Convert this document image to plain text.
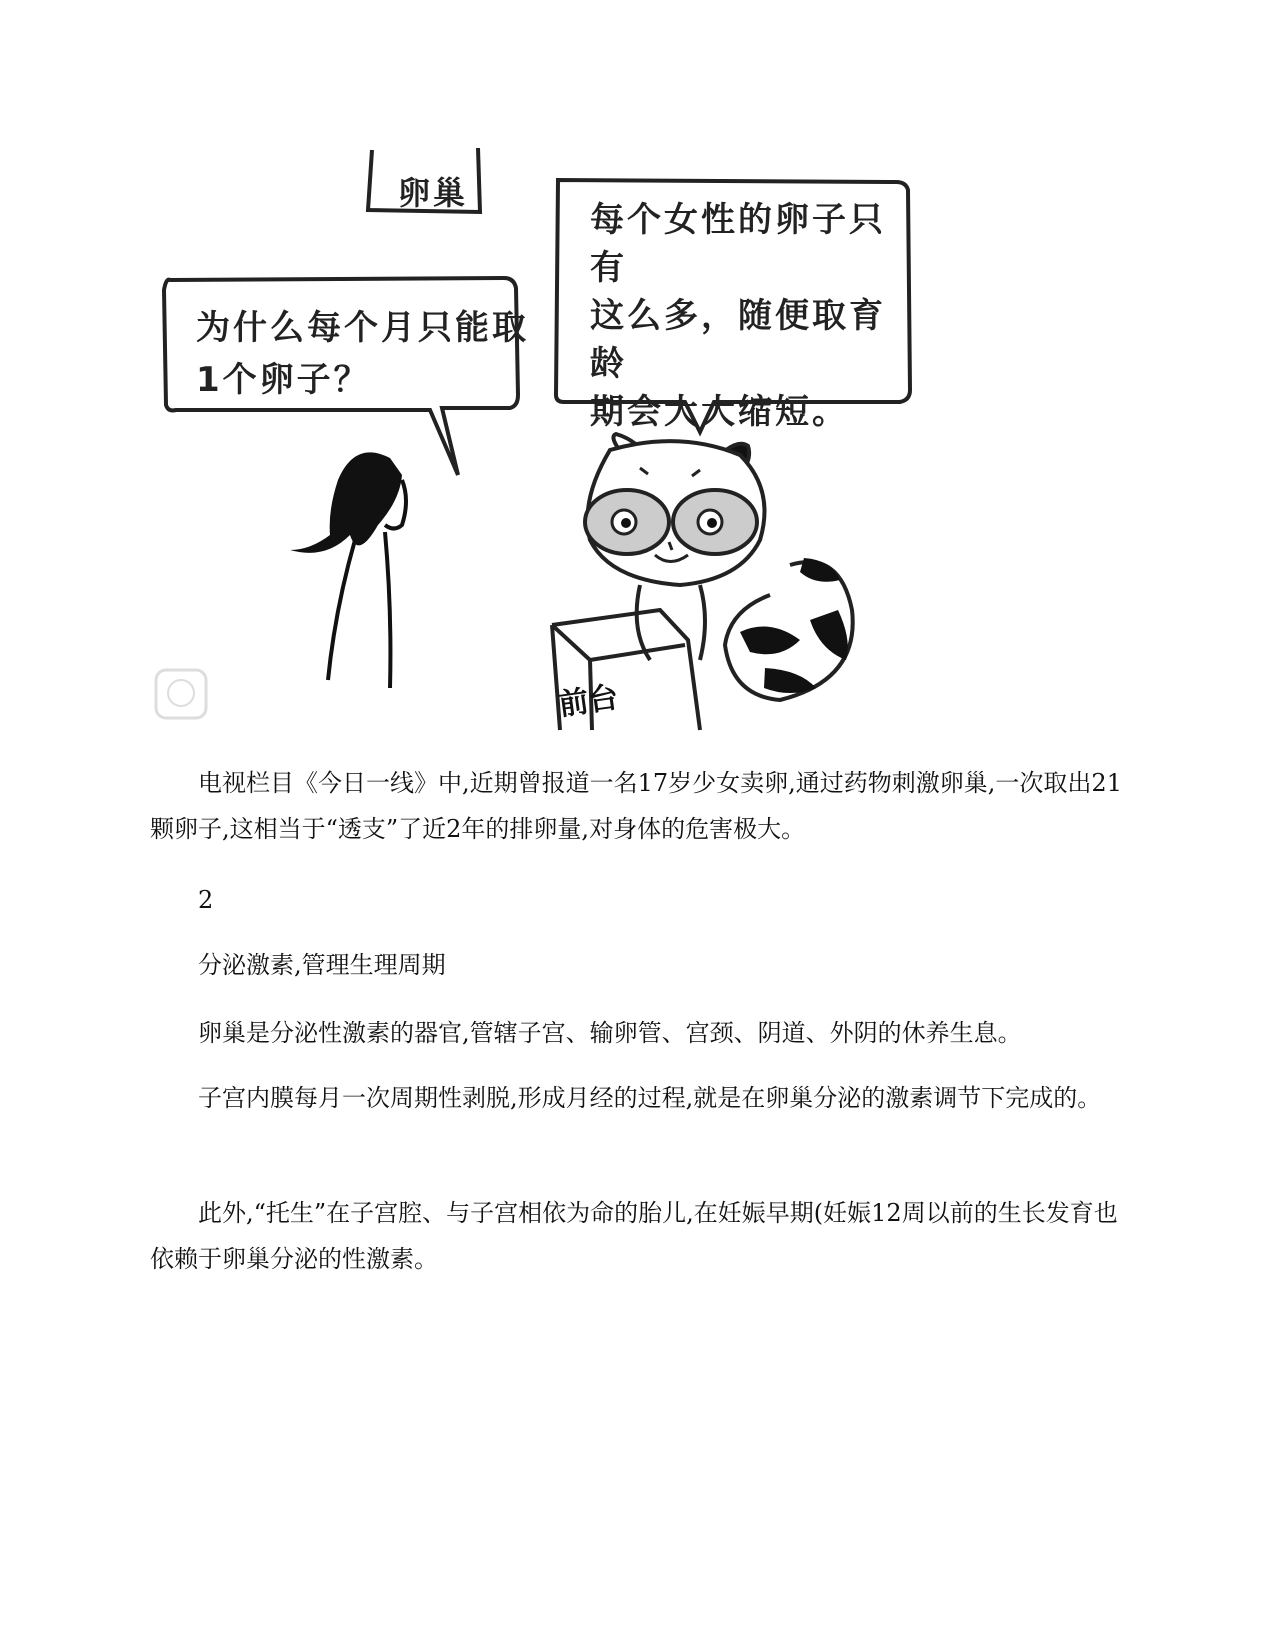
卵巢
为什么每个月只能取
1个卵子？
每个女性的卵子只有
这么多，随便取育龄
期会大大缩短。
前台

电视栏目《今日一线》中,近期曾报道一名17岁少女卖卵,通过药物刺激卵巢,一次取出21颗卵子,这相当于“透支”了近2年的排卵量,对身体的危害极大。

2

分泌激素,管理生理周期

卵巢是分泌性激素的器官,管辖子宫、输卵管、宫颈、阴道、外阴的休养生息。

子宫内膜每月一次周期性剥脱,形成月经的过程,就是在卵巢分泌的激素调节下完成的。

此外,“托生”在子宫腔、与子宫相依为命的胎儿,在妊娠早期(妊娠12周以前的生长发育也依赖于卵巢分泌的性激素。
